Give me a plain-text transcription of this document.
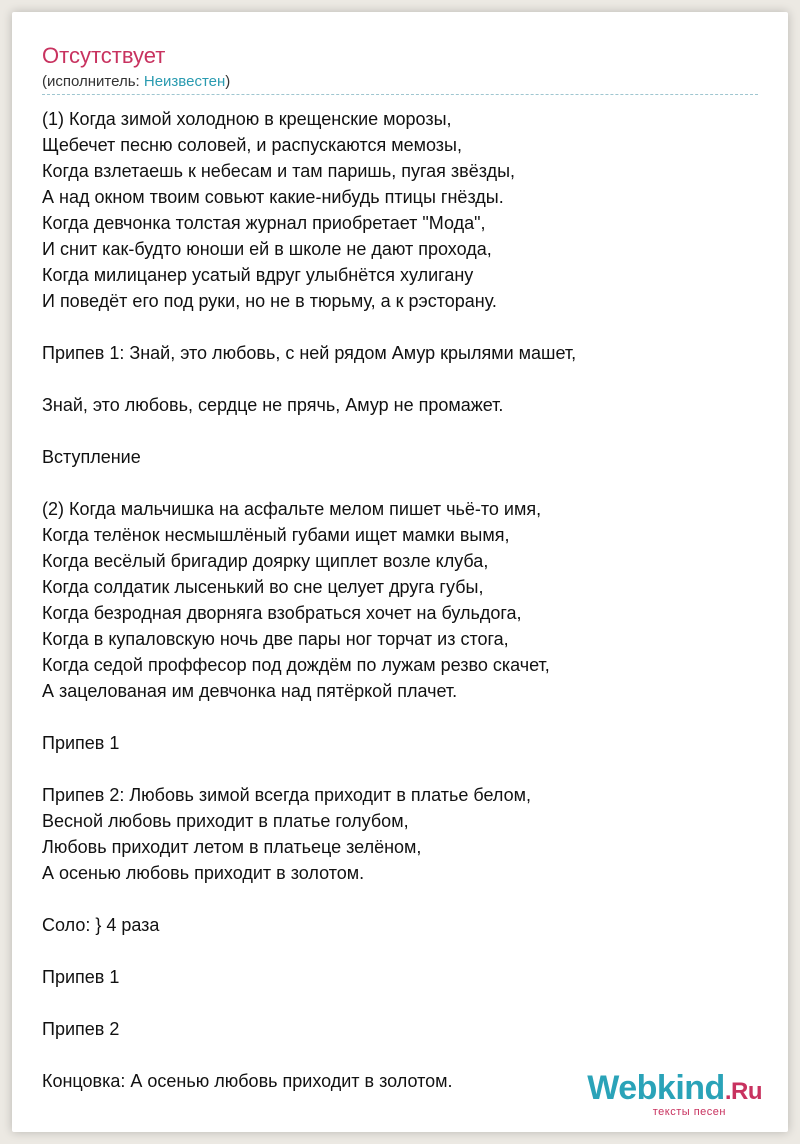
Отсутствует
(исполнитель: Неизвестен)
(1) Когда зимой холодною в крещенские морозы,
Щебечет песню соловей, и распускаются мемозы,
Когда взлетаешь к небесам и там паришь, пугая звёзды,
А над окном твоим совьют какие-нибудь птицы гнёзды.
Когда девчонка толстая журнал приобретает "Мода",
И снит как-будто юноши ей в школе не дают прохода,
Когда милицанер усатый вдруг улыбнётся хулигану
И поведёт его под руки, но не в тюрьму, а к рэсторану.
Припев 1: Знай, это любовь, с ней рядом Амур крылями машет,
Знай, это любовь, сердце не прячь, Амур не промажет.
Вступление
(2) Когда мальчишка на асфальте мелом пишет чьё-то имя,
Когда телёнок несмышлёный губами ищет мамки вымя,
Когда весёлый бригадир доярку щиплет возле клуба,
Когда солдатик лысенький во сне целует друга губы,
Когда безродная дворняга взобраться хочет на бульдога,
Когда в купаловскую ночь две пары ног торчат из стога,
Когда седой проффесор под дождём по лужам резво скачет,
А зацелованая им девчонка над пятёркой плачет.
Припев 1
Припев 2: Любовь зимой всегда приходит в платье белом,
Весной любовь приходит в платье голубом,
Любовь приходит летом в платьеце зелёном,
А осенью любовь приходит в золотом.
Соло: } 4 раза
Припев 1
Припев 2
Концовка: А осенью любовь приходит в золотом.	Webkind.Ru
тексты песен
